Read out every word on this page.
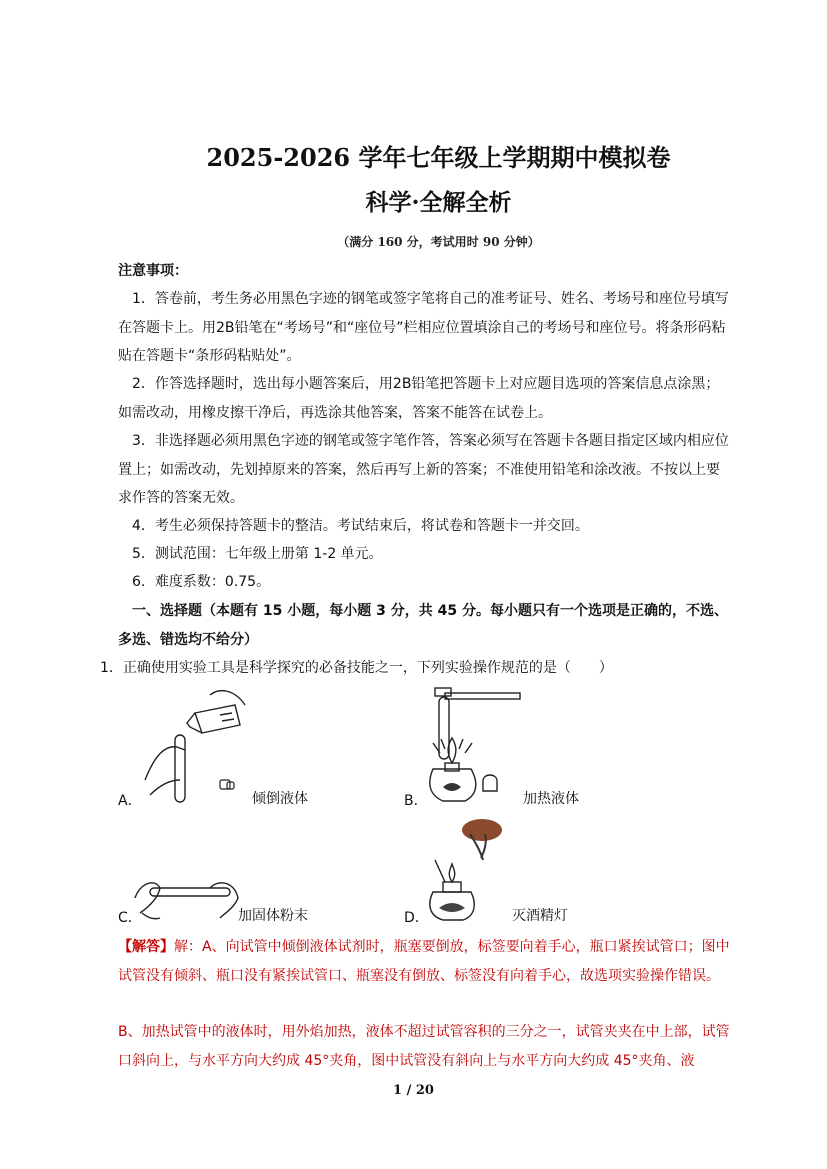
2025-2026 学年七年级上学期期中模拟卷
科学·全解全析
（满分 160 分，考试用时 90 分钟）

注意事项：

1．答卷前，考生务必用黑色字迹的钢笔或签字笔将自己的准考证号、姓名、考场号和座位号填写在答题卡上。用2B铅笔在“考场号”和“座位号”栏相应位置填涂自己的考场号和座位号。将条形码粘贴在答题卡“条形码粘贴处”。

2．作答选择题时，选出每小题答案后，用2B铅笔把答题卡上对应题目选项的答案信息点涂黑；如需改动，用橡皮擦干净后，再选涂其他答案，答案不能答在试卷上。

3．非选择题必须用黑色字迹的钢笔或签字笔作答，答案必须写在答题卡各题目指定区域内相应位置上；如需改动，先划掉原来的答案，然后再写上新的答案；不准使用铅笔和涂改液。不按以上要求作答的答案无效。

4．考生必须保持答题卡的整洁。考试结束后，将试卷和答题卡一并交回。

5．测试范围：七年级上册第 1-2 单元。

6．难度系数：0.75。

一、选择题（本题有 15 小题，每小题 3 分，共 45 分。每小题只有一个选项是正确的，不选、多选、错选均不给分）

1．正确使用实验工具是科学探究的必备技能之一，下列实验操作规范的是（　　）

A．	倾倒液体	B．	加热液体
C．	加固体粉末	D．	灭酒精灯

【解答】解：A、向试管中倾倒液体试剂时，瓶塞要倒放，标签要向着手心，瓶口紧挨试管口；图中试管没有倾斜、瓶口没有紧挨试管口、瓶塞没有倒放、标签没有向着手心，故选项实验操作错误。

B、加热试管中的液体时，用外焰加热，液体不超过试管容积的三分之一，试管夹夹在中上部，试管口斜向上，与水平方向大约成 45°夹角，图中试管没有斜向上与水平方向大约成 45°夹角、液

1 / 20
